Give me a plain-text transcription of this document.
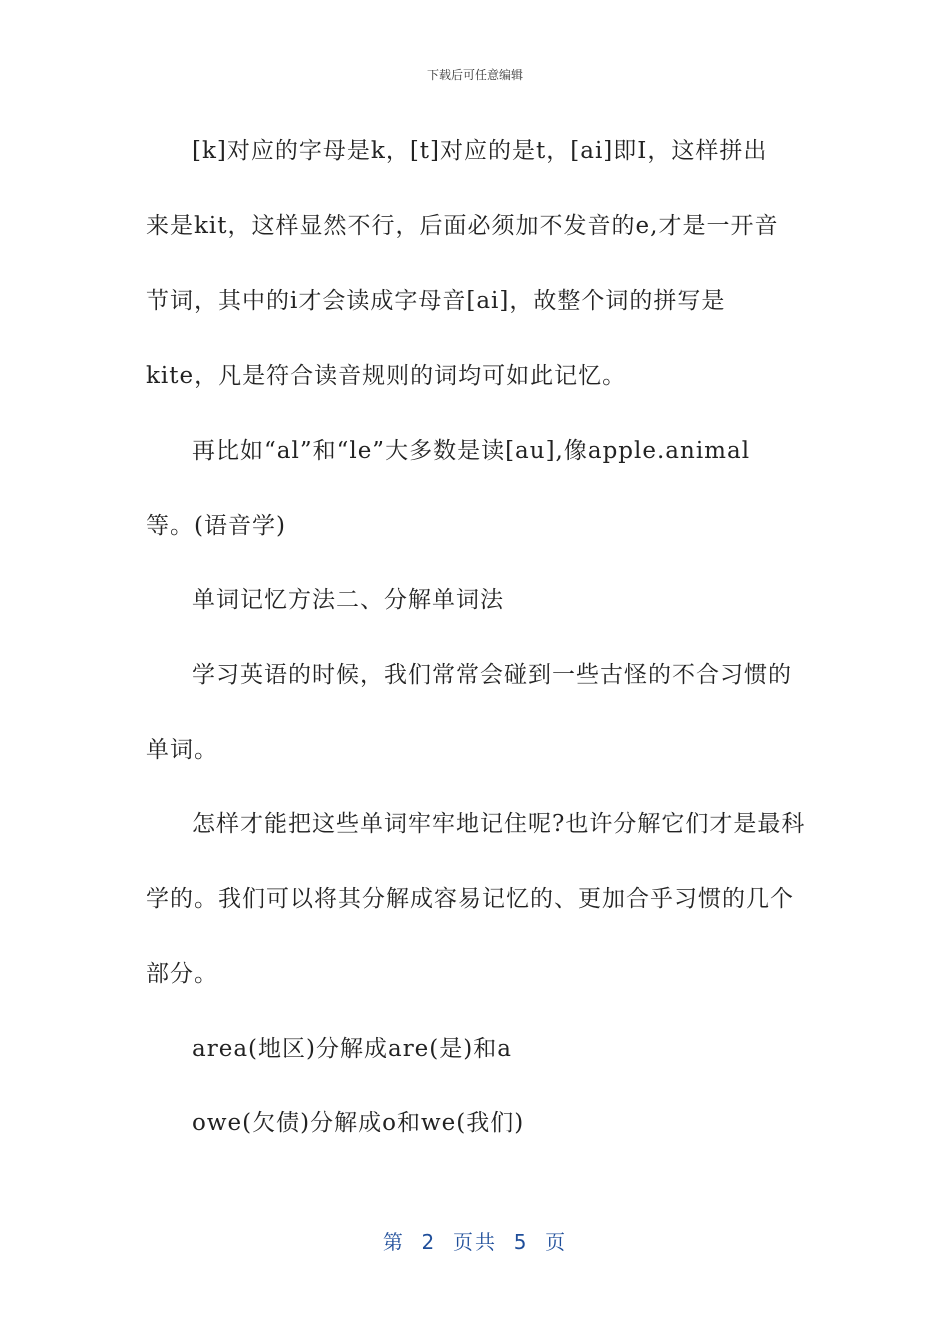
下载后可任意编辑
[k]对应的字母是k，[t]对应的是t，[ai]即I，这样拼出
来是kit，这样显然不行，后面必须加不发音的e,才是一开音
节词，其中的i才会读成字母音[ai]，故整个词的拼写是
kite，凡是符合读音规则的词均可如此记忆。
再比如“al”和“le”大多数是读[au],像apple.animal
等。(语音学)
单词记忆方法二、分解单词法
学习英语的时候，我们常常会碰到一些古怪的不合习惯的
单词。
怎样才能把这些单词牢牢地记住呢?也许分解它们才是最科
学的。我们可以将其分解成容易记忆的、更加合乎习惯的几个
部分。
area(地区)分解成are(是)和a
owe(欠债)分解成o和we(我们)
第 2 页共 5 页
